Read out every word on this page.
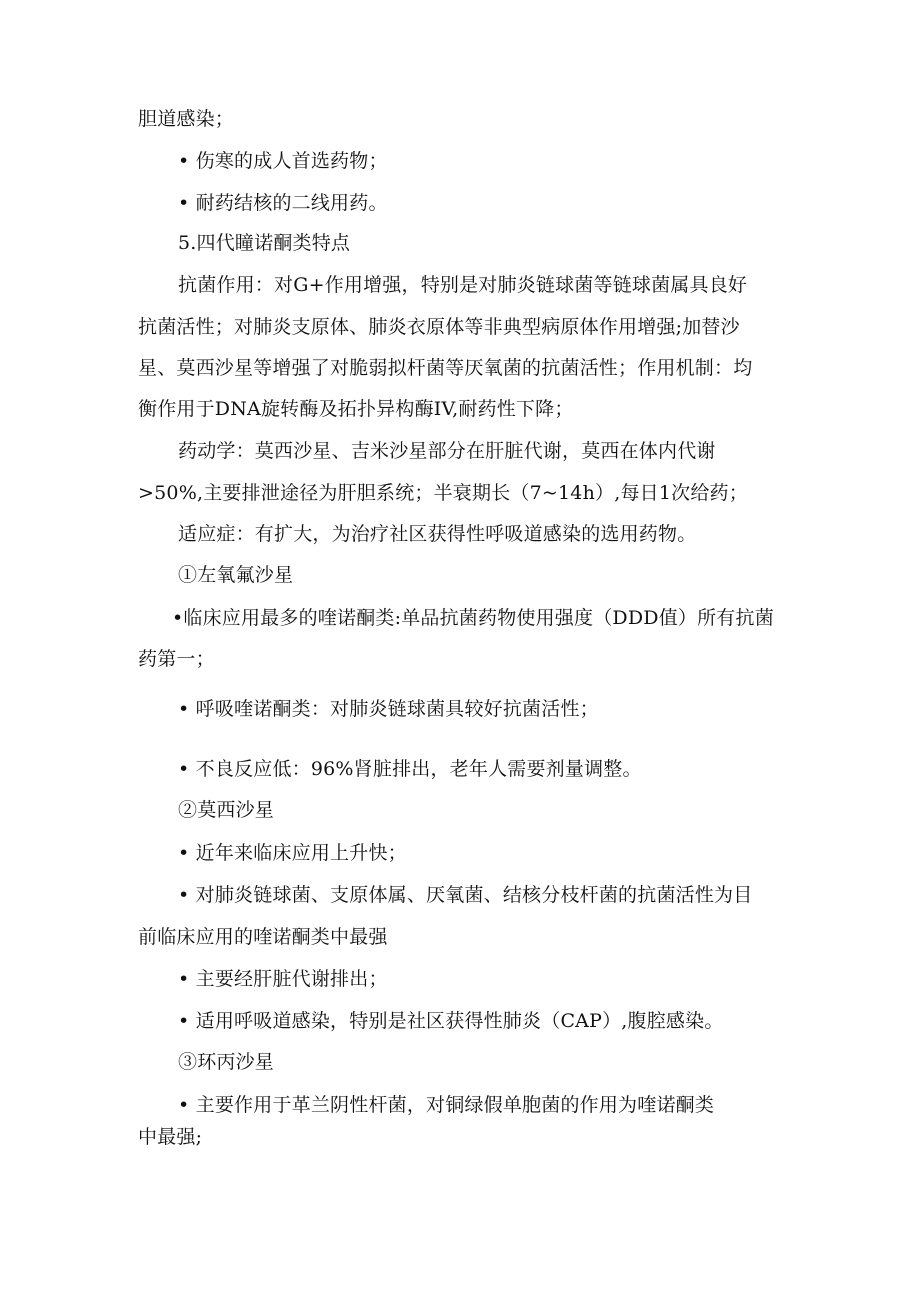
胆道感染；
• 伤寒的成人首选药物；
• 耐药结核的二线用药。
5.四代瞳诺酮类特点
抗菌作用：对G+作用增强，特别是对肺炎链球菌等链球菌属具良好
抗菌活性；对肺炎支原体、肺炎衣原体等非典型病原体作用增强;加替沙
星、莫西沙星等增强了对脆弱拟杆菌等厌氧菌的抗菌活性；作用机制：均
衡作用于DNA旋转酶及拓扑异构酶IV,耐药性下降；
药动学：莫西沙星、吉米沙星部分在肝脏代谢，莫西在体内代谢
>50%,主要排泄途径为肝胆系统；半衰期长（7~14h）,每日1次给药；
适应症：有扩大，为治疗社区获得性呼吸道感染的选用药物。
①左氧氟沙星
•临床应用最多的喹诺酮类:单品抗菌药物使用强度（DDD值）所有抗菌
药第一；
• 呼吸喹诺酮类：对肺炎链球菌具较好抗菌活性；
• 不良反应低：96%肾脏排出，老年人需要剂量调整。
②莫西沙星
• 近年来临床应用上升快；
• 对肺炎链球菌、支原体属、厌氧菌、结核分枝杆菌的抗菌活性为目
前临床应用的喹诺酮类中最强
• 主要经肝脏代谢排出；
• 适用呼吸道感染，特别是社区获得性肺炎（CAP）,腹腔感染。
③环丙沙星
• 主要作用于革兰阴性杆菌，对铜绿假单胞菌的作用为喹诺酮类
中最强;
